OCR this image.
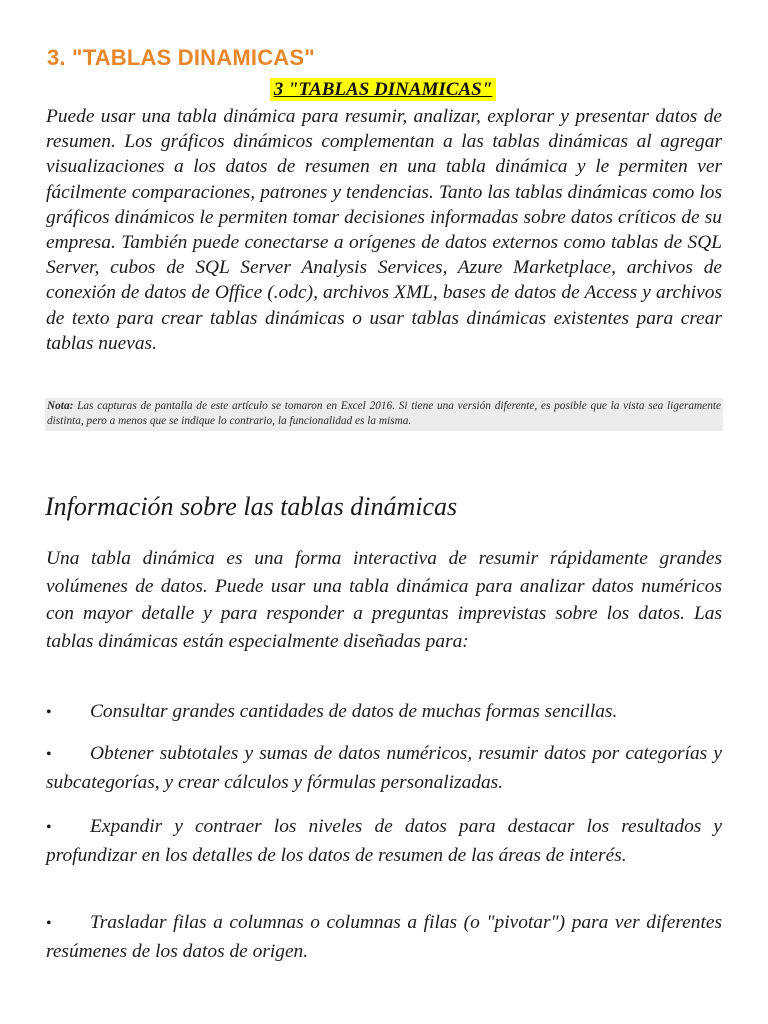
3. "TABLAS DINAMICAS"
3 "TABLAS DINAMICAS"

Puede usar una tabla dinámica para resumir, analizar, explorar y presentar datos de resumen. Los gráficos dinámicos complementan a las tablas dinámicas al agregar visualizaciones a los datos de resumen en una tabla dinámica y le permiten ver fácilmente comparaciones, patrones y tendencias. Tanto las tablas dinámicas como los gráficos dinámicos le permiten tomar decisiones informadas sobre datos críticos de su empresa. También puede conectarse a orígenes de datos externos como tablas de SQL Server, cubos de SQL Server Analysis Services, Azure Marketplace, archivos de conexión de datos de Office (.odc), archivos XML, bases de datos de Access y archivos de texto para crear tablas dinámicas o usar tablas dinámicas existentes para crear tablas nuevas.

Nota: Las capturas de pantalla de este artículo se tomaron en Excel 2016. Si tiene una versión diferente, es posible que la vista sea ligeramente distinta, pero a menos que se indique lo contrario, la funcionalidad es la misma.

Información sobre las tablas dinámicas

Una tabla dinámica es una forma interactiva de resumir rápidamente grandes volúmenes de datos. Puede usar una tabla dinámica para analizar datos numéricos con mayor detalle y para responder a preguntas imprevistas sobre los datos. Las tablas dinámicas están especialmente diseñadas para:

• Consultar grandes cantidades de datos de muchas formas sencillas.

• Obtener subtotales y sumas de datos numéricos, resumir datos por categorías y subcategorías, y crear cálculos y fórmulas personalizadas.

• Expandir y contraer los niveles de datos para destacar los resultados y profundizar en los detalles de los datos de resumen de las áreas de interés.

• Trasladar filas a columnas o columnas a filas (o "pivotar") para ver diferentes resúmenes de los datos de origen.
